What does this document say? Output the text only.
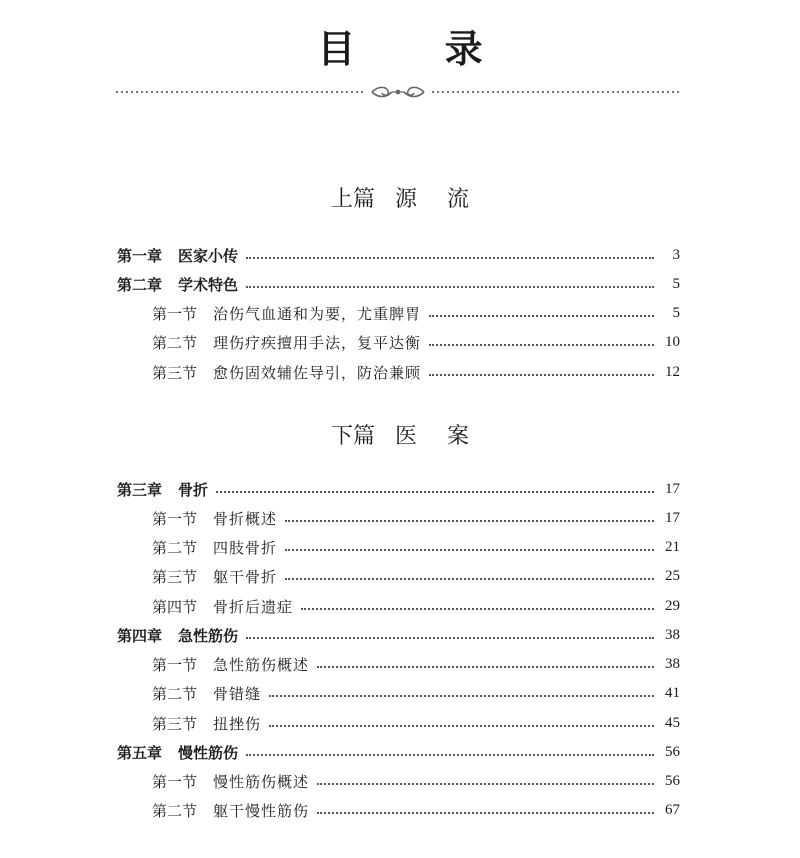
目 录
上篇 源 流
第一章 医家小传	3
第二章 学术特色	5
第一节 治伤气血通和为要，尤重脾胃	5
第二节 理伤疗疾擅用手法，复平达衡	10
第三节 愈伤固效辅佐导引，防治兼顾	12
下篇 医 案
第三章 骨折	17
第一节 骨折概述	17
第二节 四肢骨折	21
第三节 躯干骨折	25
第四节 骨折后遗症	29
第四章 急性筋伤	38
第一节 急性筋伤概述	38
第二节 骨错缝	41
第三节 扭挫伤	45
第五章 慢性筋伤	56
第一节 慢性筋伤概述	56
第二节 躯干慢性筋伤	67
